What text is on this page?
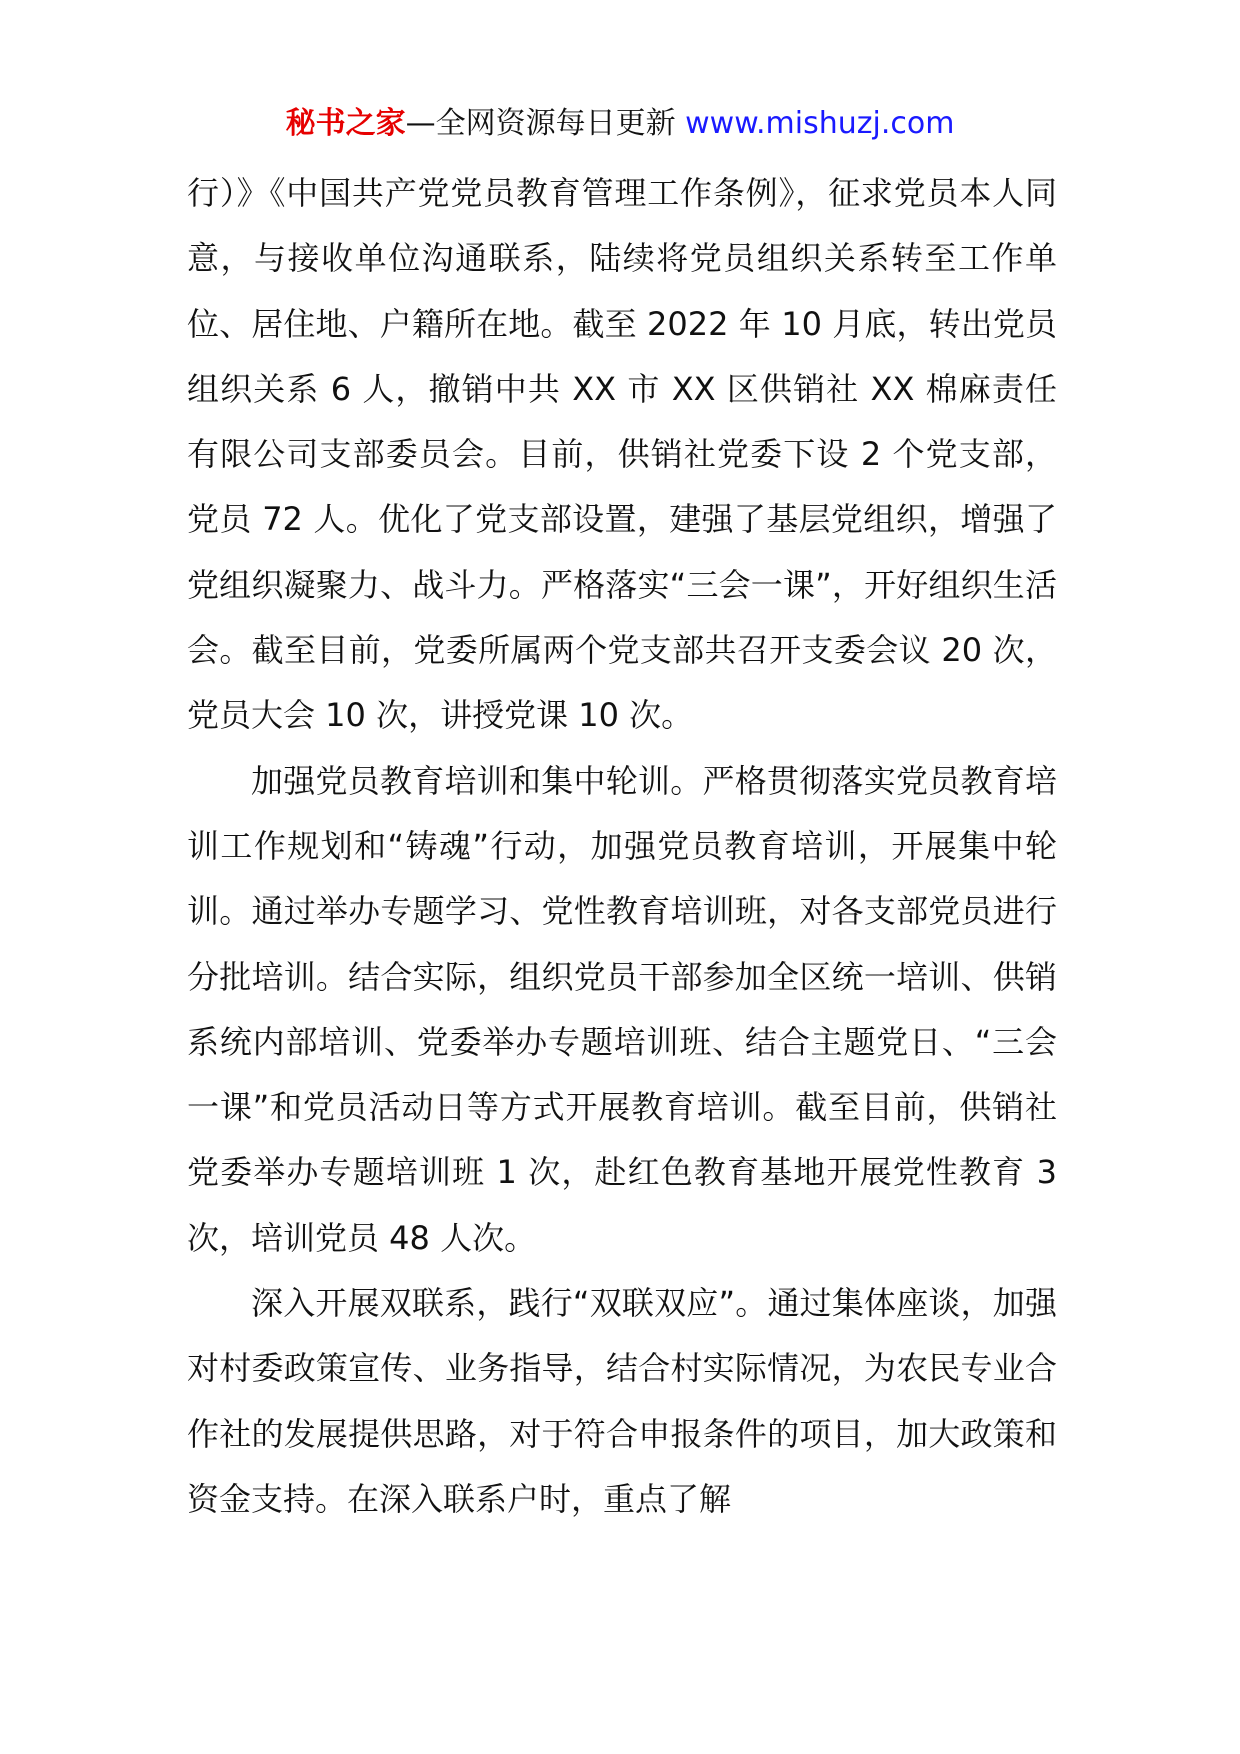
秘书之家—全网资源每日更新 www.mishuzj.com

行）》《中国共产党党员教育管理工作条例》，征求党员本人同意，与接收单位沟通联系，陆续将党员组织关系转至工作单位、居住地、户籍所在地。截至 2022 年 10 月底，转出党员组织关系 6 人，撤销中共 XX 市 XX 区供销社 XX 棉麻责任有限公司支部委员会。目前，供销社党委下设 2 个党支部，党员 72 人。优化了党支部设置，建强了基层党组织，增强了党组织凝聚力、战斗力。严格落实“三会一课”，开好组织生活会。截至目前，党委所属两个党支部共召开支委会议 20 次，党员大会 10 次，讲授党课 10 次。

加强党员教育培训和集中轮训。严格贯彻落实党员教育培训工作规划和“铸魂”行动，加强党员教育培训，开展集中轮训。通过举办专题学习、党性教育培训班，对各支部党员进行分批培训。结合实际，组织党员干部参加全区统一培训、供销系统内部培训、党委举办专题培训班、结合主题党日、“三会一课”和党员活动日等方式开展教育培训。截至目前，供销社党委举办专题培训班 1 次，赴红色教育基地开展党性教育 3 次，培训党员 48 人次。

深入开展双联系，践行“双联双应”。通过集体座谈，加强对村委政策宣传、业务指导，结合村实际情况，为农民专业合作社的发展提供思路，对于符合申报条件的项目，加大政策和资金支持。在深入联系户时，重点了解
